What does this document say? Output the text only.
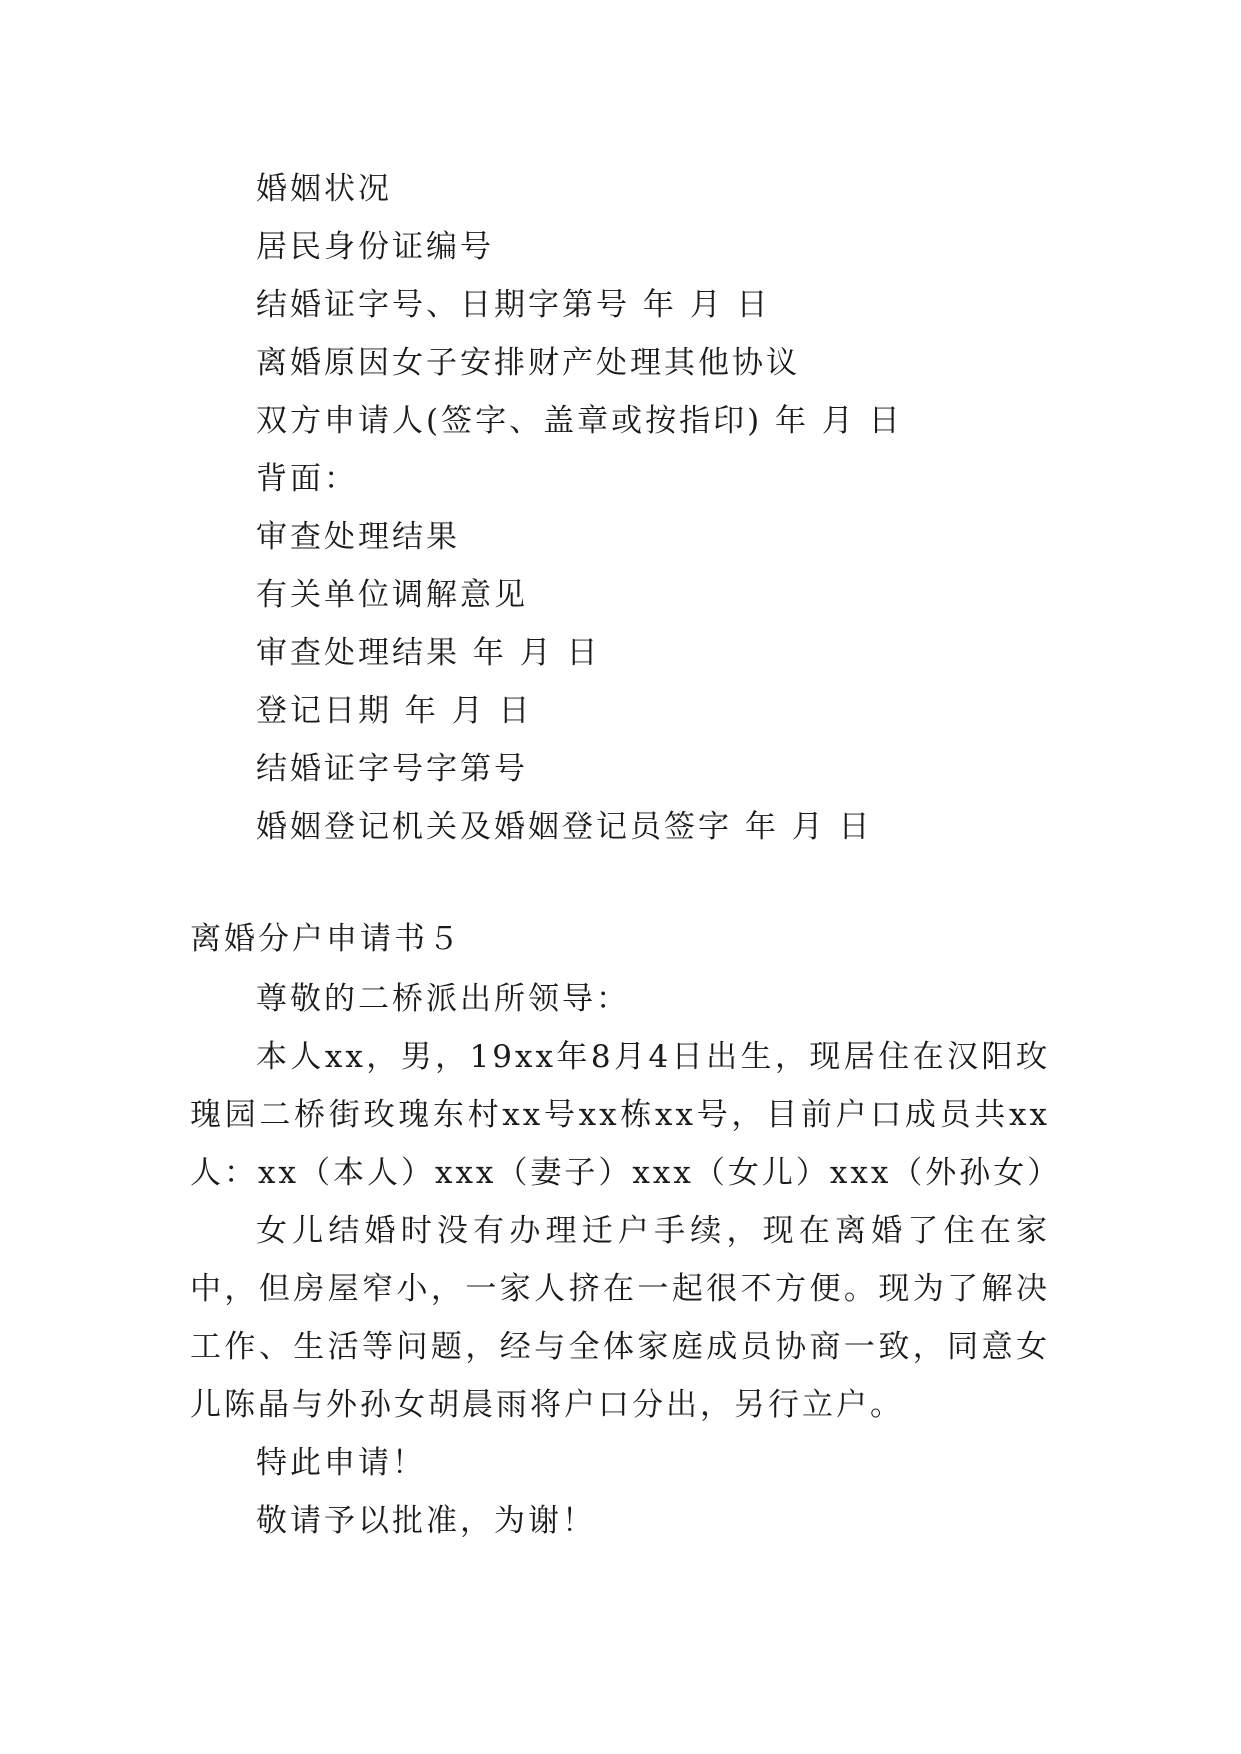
婚姻状况
居民身份证编号
结婚证字号、日期字第号 年 月 日
离婚原因女子安排财产处理其他协议
双方申请人(签字、盖章或按指印) 年 月 日
背面：
审查处理结果
有关单位调解意见
审查处理结果 年 月 日
登记日期 年 月 日
结婚证字号字第号
婚姻登记机关及婚姻登记员签字 年 月 日
离婚分户申请书５

尊敬的二桥派出所领导：

本人xx，男，19xx年8月4日出生，现居住在汉阳玫瑰园二桥街玫瑰东村xx号xx栋xx号，目前户口成员共xx人：xx（本人）xxx（妻子）xxx（女儿）xxx（外孙女）

女儿结婚时没有办理迁户手续，现在离婚了住在家中，但房屋窄小，一家人挤在一起很不方便。现为了解决工作、生活等问题，经与全体家庭成员协商一致，同意女儿陈晶与外孙女胡晨雨将户口分出，另行立户。

特此申请！

敬请予以批准，为谢！
